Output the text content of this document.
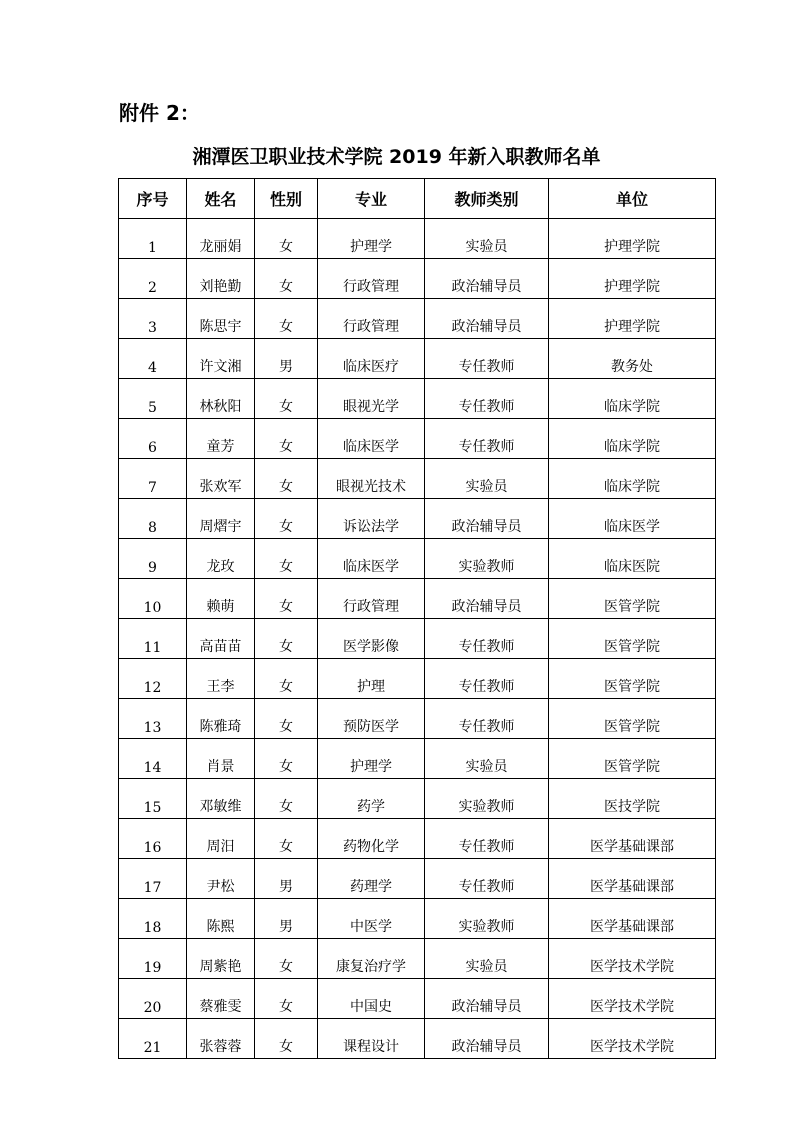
附件 2：

湘潭医卫职业技术学院 2019 年新入职教师名单
序号	姓名	性别	专业	教师类别	单位
1	龙丽娟	女	护理学	实验员	护理学院
2	刘艳勤	女	行政管理	政治辅导员	护理学院
3	陈思宇	女	行政管理	政治辅导员	护理学院
4	许文湘	男	临床医疗	专任教师	教务处
5	林秋阳	女	眼视光学	专任教师	临床学院
6	童芳	女	临床医学	专任教师	临床学院
7	张欢军	女	眼视光技术	实验员	临床学院
8	周熠宇	女	诉讼法学	政治辅导员	临床医学
9	龙玫	女	临床医学	实验教师	临床医院
10	赖萌	女	行政管理	政治辅导员	医管学院
11	高苗苗	女	医学影像	专任教师	医管学院
12	王李	女	护理	专任教师	医管学院
13	陈雅琦	女	预防医学	专任教师	医管学院
14	肖景	女	护理学	实验员	医管学院
15	邓敏维	女	药学	实验教师	医技学院
16	周汨	女	药物化学	专任教师	医学基础课部
17	尹松	男	药理学	专任教师	医学基础课部
18	陈熙	男	中医学	实验教师	医学基础课部
19	周紫艳	女	康复治疗学	实验员	医学技术学院
20	蔡雅雯	女	中国史	政治辅导员	医学技术学院
21	张蓉蓉	女	课程设计	政治辅导员	医学技术学院
